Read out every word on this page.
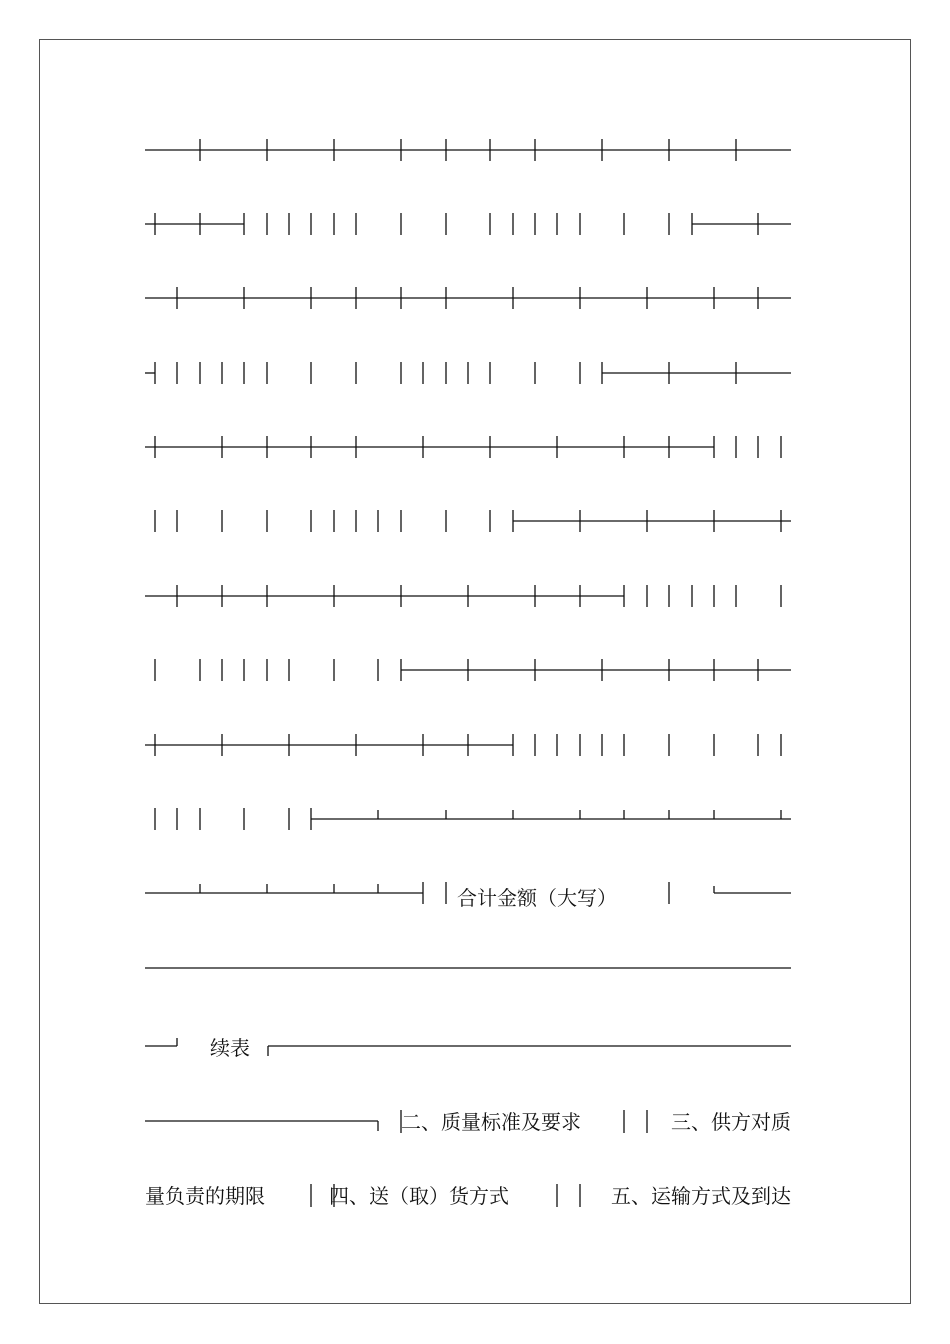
合计金额（大写）
续表
二、质量标准及要求	三、供方对质
量负责的期限	四、送（取）货方式	五、运输方式及到达
